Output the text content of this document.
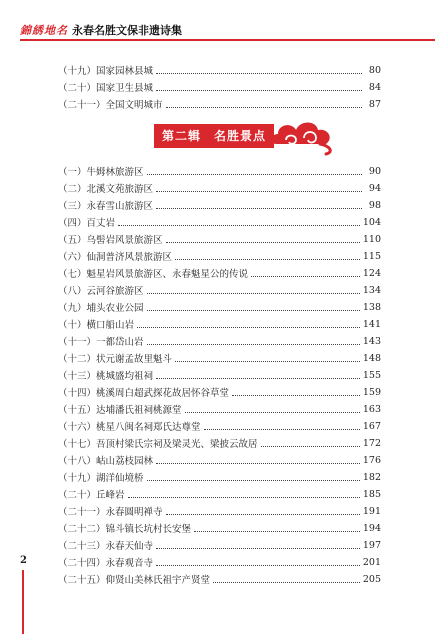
錦綉地名 永春名胜文保非遗诗集
（十九）国家园林县城	80
（二十）国家卫生县城	84
（二十一）全国文明城市	87
第二辑　名胜景点
（一）牛姆林旅游区	90
（二）北溪文苑旅游区	94
（三）永春雪山旅游区	98
（四）百丈岩	104
（五）乌髻岩风景旅游区	110
（六）仙洞普济风景旅游区	115
（七）魁星岩风景旅游区、永春魁星公的传说	124
（八）云河谷旅游区	134
（九）埔头农业公园	138
（十）横口船山岩	141
（十一）一都岱山岩	143
（十二）状元谢孟故里魁斗	148
（十三）桃城盛均祖祠	155
（十四）桃溪周白超武探花故居怀谷草堂	159
（十五）达埔潘氏祖祠桃源堂	163
（十六）桃星八闽名祠郑氏达尊堂	167
（十七）吾顶村梁氏宗祠及梁灵光、梁披云故居	172
（十八）岵山荔枝园林	176
（十九）湖洋仙境桥	182
（二十）丘峰岩	185
（二十一）永春圆明禅寺	191
（二十二）锦斗镇长坑村长安堡	194
（二十三）永春天仙寺	197
（二十四）永春观音寺	201
（二十五）仰贤山美林氏祖宇产贤堂	205
2
